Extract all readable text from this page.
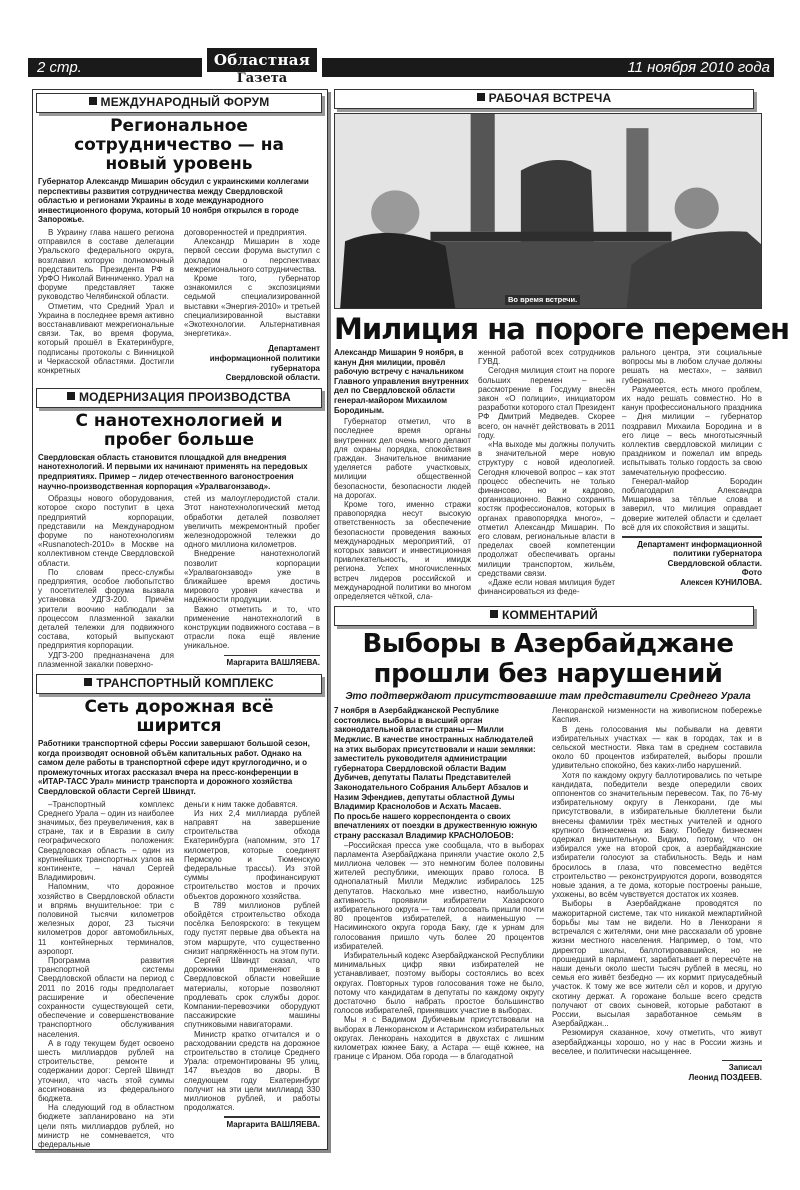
2 стр.	Областная
Газета
11 ноября 2010 года
МЕЖДУНАРОДНЫЙ ФОРУМ
Региональное сотрудничество — на новый уровень
Губернатор Александр Мишарин обсудил с украинскими коллегами перспективы развития сотрудничества между Свердловской областью и регионами Украины в ходе международного инвестиционного форума, который 10 ноября открылся в городе Запорожье.

В Украину глава нашего региона отправился в составе делегации Уральского федерального округа, возглавил которую полномочный представитель Президента РФ в УрФО Николай Винниченко. Урал на форуме представляет также руководство Челябинской области.

Отметим, что Средний Урал и Украина в последнее время активно восстанавливают межрегиональные связи. Так, во время форума, который прошёл в Екатеринбурге, подписаны протоколы с Винницкой и Черкасской областями. Достигли конкретных

договоренностей и предприятия.

Александр Мишарин в ходе первой сессии форума выступил с докладом о перспективах межрегионального сотрудничества.

Кроме того, губернатор ознакомился с экспозициями седьмой специализированной выставки «Энергия-2010» и третьей специализированной выставки «Экотехнологии. Альтернативная энергетика».

Департамент
информационной политики
губернатора
Свердловской области.
МОДЕРНИЗАЦИЯ ПРОИЗВОДСТВА
С нанотехнологией и пробег больше
Свердловская область становится площадкой для внедрения нанотехнологий. И первыми их начинают применять на передовых предприятиях. Пример – лидер отечественного вагоностроения научно-производственная корпорация «Уралвагонзавод».

Образцы нового оборудования, которое скоро поступит в цеха предприятий корпорации, представили на Международном форуме по нанотехнологиям «Rusnanotech-2010» в Москве на коллективном стенде Свердловской области.

По словам пресс-службы предприятия, особое любопытство у посетителей форума вызвала установка УДГЗ-200. Причём зрители воочию наблюдали за процессом плазменной закалки деталей тележки для подвижного состава, который выпускают предприятия корпорации.

УДГЗ-200 предназначена для плазменной закалки поверхно-

стей из малоуглеродистой стали. Этот нанотехнологический метод обработки деталей позволяет увеличить межремонтный пробег железнодорожной тележки до одного миллиона километров.

Внедрение нанотехнологий позволит корпорации «Уралвагонзавод» уже в ближайшее время достичь мирового уровня качества и надёжности продукции.

Важно отметить и то, что применение нанотехнологий в конструкции подвижного состава – в отрасли пока ещё явление уникальное.

Маргарита ВАШЛЯЕВА.
ТРАНСПОРТНЫЙ КОМПЛЕКС
Сеть дорожная всё ширится
Работники транспортной сферы России завершают большой сезон, когда производят основной объём капитальных работ. Однако на самом деле работы в транспортной сфере идут круглогодично, и о промежуточных итогах рассказал вчера на пресс-конференции в «ИТАР-ТАСС Урал» министр транспорта и дорожного хозяйства Свердловской области Сергей Швиндт.

–Транспортный комплекс Среднего Урала – один из наиболее значимых, без преувеличения, как в стране, так и в Евразии в силу географического положения: Свердловская область – один из крупнейших транспортных узлов на континенте, – начал Сергей Владимирович.

Напомним, что дорожное хозяйство в Свердловской области и впрямь внушительное: три с половиной тысячи километров железных дорог, 23 тысячи километров дорог автомобильных, 11 контейнерных терминалов, аэропорт.

Программа развития транспортной системы Свердловской области на период с 2011 по 2016 годы предполагает расширение и обеспечение сохранности существующей сети, обеспечение и совершенствование транспортного обслуживания населения.

А в году текущем будет освоено шесть миллиардов рублей на строительстве, ремонте и содержании дорог: Сергей Швиндт уточнил, что часть этой суммы ассигнована из федерального бюджета.

На следующий год в областном бюджете запланировано на эти цели пять миллиардов рублей, но министр не сомневается, что федеральные

деньги к ним также добавятся.

Из них 2,4 миллиарда рублей направят на завершение строительства обхода Екатеринбурга (напомним, это 17 километров, которые соединят Пермскую и Тюменскую федеральные трассы). Из этой суммы профинансируют строительство мостов и прочих объектов дорожного хозяйства.

В 789 миллионов рублей обойдётся строительство обхода посёлка Белоярского: в текущем году пустят первые два объекта на этом маршруте, что существенно снизит напряжённость на этом пути.

Сергей Швиндт сказал, что дорожники применяют в Свердловской области новейшие материалы, которые позволяют продлевать срок службы дорог. Компании-перевозчики оборудуют пассажирские машины спутниковыми навигаторами.

Министр кратко отчитался и о расходовании средств на дорожное строительство в столице Среднего Урала: отремонтированы 95 улиц, 147 въездов во дворы. В следующем году Екатеринбург получит на эти цели миллиард 330 миллионов рублей, и работы продолжатся.

Маргарита ВАШЛЯЕВА.
РАБОЧАЯ ВСТРЕЧА
Во время встречи.
Милиция на пороге перемен
Александр Мишарин 9 ноября, в канун Дня милиции, провёл рабочую встречу с начальником Главного управления внутренних дел по Свердловской области генерал-майором Михаилом Бородиным.

Губернатор отметил, что в последнее время органы внутренних дел очень много делают для охраны порядка, спокойствия граждан. Значительное внимание уделяется работе участковых, милиции общественной безопасности, безопасности людей на дорогах.

Кроме того, именно стражи правопорядка несут высокую ответственность за обеспечение безопасности проведения важных международных мероприятий, от которых зависит и инвестиционная привлекательность, и имидж региона. Успех многочисленных встреч лидеров российской и международной политики во многом определяется чёткой, сла-

женной работой всех сотрудников ГУВД.

Сегодня милиция стоит на пороге больших перемен – на рассмотрение в Госдуму внесён закон «О полиции», инициатором разработки которого стал Президент РФ Дмитрий Медведев. Скорее всего, он начнёт действовать в 2011 году.

«На выходе мы должны получить в значительной мере новую структуру с новой идеологией. Сегодня ключевой вопрос – как этот процесс обеспечить не только финансово, но и кадрово, организационно. Важно сохранить костяк профессионалов, которых в органах правопорядка много», – отметил Александр Мишарин. По его словам, региональные власти в пределах своей компетенции продолжат обеспечивать органы милиции транспортом, жильём, средствами связи.

«Даже если новая милиция будет финансироваться из феде-

рального центра, эти социальные вопросы мы в любом случае должны решать на местах», – заявил губернатор.

Разумеется, есть много проблем, их надо решать совместно. Но в канун профессионального праздника – Дня милиции – губернатор поздравил Михаила Бородина и в его лице – весь многотысячный коллектив свердловской милиции с праздником и пожелал им впредь испытывать только гордость за свою замечательную профессию.

Генерал-майор Бородин поблагодарил Александра Мишарина за тёплые слова и заверил, что милиция оправдает доверие жителей области и сделает всё для их спокойствия и защиты.

Департамент информационной
политики губернатора
Свердловской области.
Фото
Алексея КУНИЛОВА.
КОММЕНТАРИЙ
Выборы в Азербайджане
прошли без нарушений
Это подтверждают присутствовавшие там представители Среднего Урала
7 ноября в Азербайджанской Республике состоялись выборы в высший орган законодательной власти страны — Милли Меджлис. В качестве иностранных наблюдателей на этих выборах присутствовали и наши земляки: заместитель руководителя администрации губернатора Свердловской области Вадим Дубичев, депутаты Палаты Представителей Законодательного Собрания Альберт Абзалов и Назим Эфендиев, депутаты областной Думы Владимир Краснолобов и Асхать Масаев.
По просьбе нашего корреспондента о своих впечатлениях от поездки в дружественную южную страну рассказал Владимир КРАСНОЛОБОВ:

–Российская пресса уже сообщала, что в выборах парламента Азербайджана приняли участие около 2,5 миллиона человек — это немногим более половины жителей республики, имеющих право голоса. В однопалатный Милли Меджлис избиралось 125 депутатов. Насколько мне известно, наибольшую активность проявили избиратели Хазарского избирательного округа — там голосовать пришли почти 80 процентов избирателей, а наименьшую — Насиминского округа города Баку, где к урнам для голосования пришло чуть более 20 процентов избирателей.

Избирательный кодекс Азербайджанской Республики минимальных цифр явки избирателей не устанавливает, поэтому выборы состоялись во всех округах. Повторных туров голосования тоже не было, потому что кандидатам в депутаты по каждому округу достаточно было набрать простое большинство голосов избирателей, принявших участие в выборах.

Мы я с Вадимом Дубичевым присутствовали на выборах в Ленкоранском и Астаринском избирательных округах. Ленкорань находится в двухстах с лишним километрах южнее Баку, а Астара — ещё южнее, на границе с Ираном. Оба города — в благодатной

Ленкоранской низменности на живописном побережье Каспия.

В день голосования мы побывали на девяти избирательных участках — как в городах, так и в сельской местности. Явка там в среднем составила около 60 процентов избирателей, выборы прошли удивительно спокойно, без каких-либо нарушений.

Хотя по каждому округу баллотировались по четыре кандидата, победители везде опередили своих оппонентов со значительным перевесом. Так, по 76-му избирательному округу в Ленкорани, где мы присутствовали, в избирательные бюллетени были внесены фамилии трёх местных учителей и одного крупного бизнесмена из Баку. Победу бизнесмен одержал внушительную. Видимо, потому, что он избирался уже на второй срок, а азербайджанские избиратели голосуют за стабильность. Ведь и нам бросилось в глаза, что повсеместно ведётся строительство — реконструируются дороги, возводятся новые здания, а те дома, которые построены раньше, ухожены, во всём чувствуется достаток их хозяев.

Выборы в Азербайджане проводятся по мажоритарной системе, так что никакой межпартийной борьбы мы там не видели. Но в Ленкорани я встречался с жителями, они мне рассказали об уровне жизни местного населения. Например, о том, что директор школы, баллотировавшийся, но не прошедший в парламент, зарабатывает в пересчёте на наши деньги около шести тысяч рублей в месяц, но семья его живёт безбедно — их кормит приусадебный участок. К тому же все жители сёл и коров, и другую скотину держат. А горожане больше всего средств получают от своих сыновей, которые работают в России, высылая заработанное семьям в Азербайджан...

Резюмируя сказанное, хочу отметить, что живут азербайджанцы хорошо, но у нас в России жизнь и веселее, и политически насыщеннее.

Записал
Леонид ПОЗДЕЕВ.
